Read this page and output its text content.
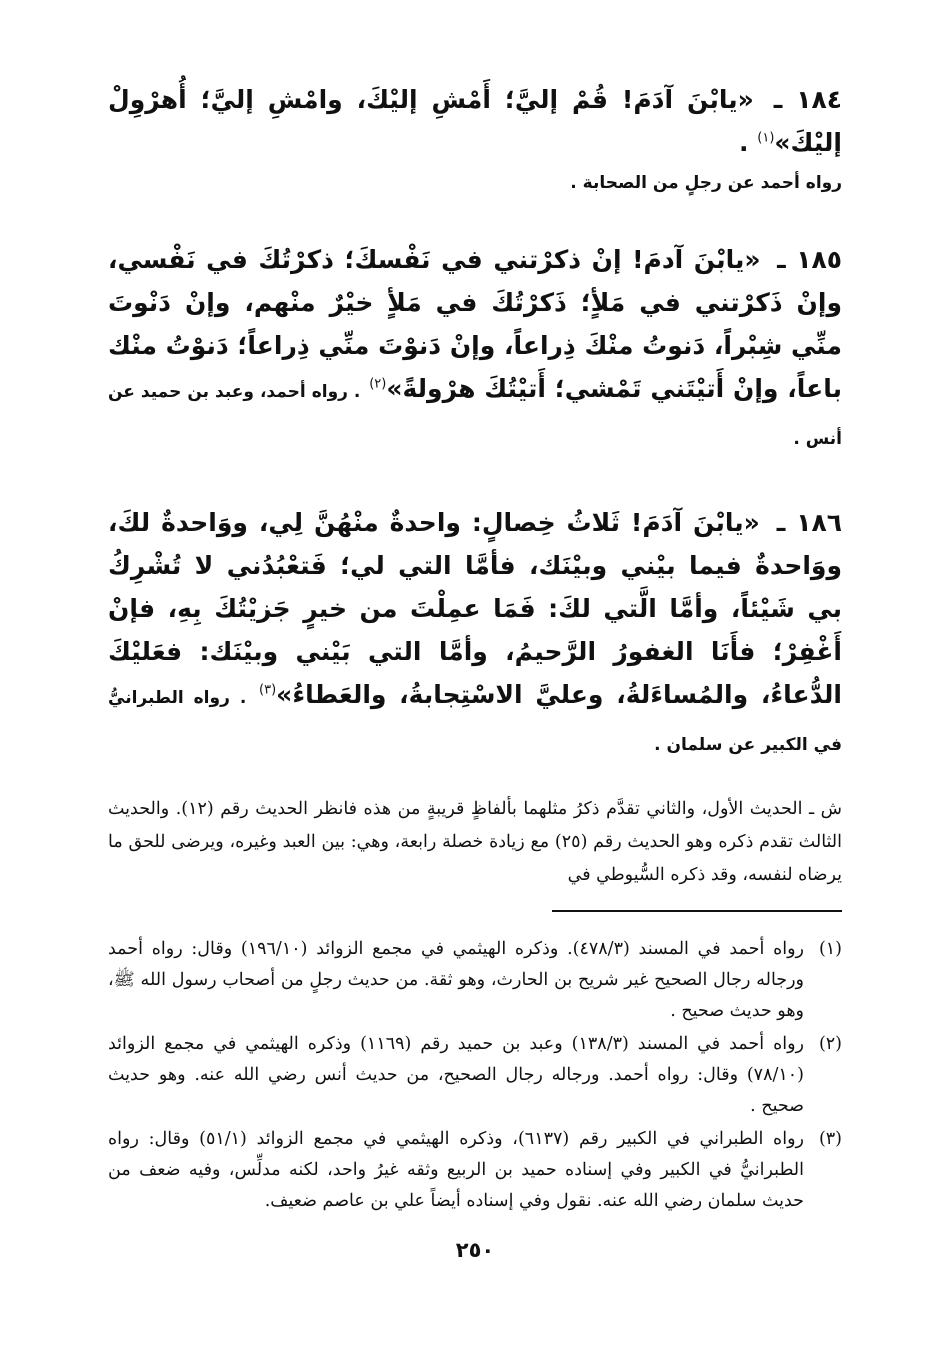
١٨٤ ـ «يابْنَ آدَمَ! قُمْ إليَّ؛ أَمْشِ إليْكَ، وامْشِ إليَّ؛ أُهرْوِلْ إليْكَ»$^{(١)}$ .

رواه أحمد عن رجلٍ من الصحابة .

١٨٥ ـ «يابْنَ آدمَ! إنْ ذكرْتني في نَفْسكَ؛ ذكرْتُكَ في نَفْسي، وإنْ ذَكرْتني في مَلأٍ؛ ذَكرْتُكَ في مَلأٍ خيْرٌ منْهم، وإنْ دَنْوتَ منِّي شِبْراً، دَنوتُ منْكَ ذِراعاً، وإنْ دَنوْتَ منِّي ذِراعاً؛ دَنوْتُ منْك باعاً، وإنْ أَتيْتَني تَمْشي؛ أَتيْتُكَ هرْولةً»$^{(٢)}$ . رواه أحمد، وعبد بن حميد عن أنس .

١٨٦ ـ «يابْنَ آدَمَ! ثَلاثُ خِصالٍ: واحدةٌ منْهُنَّ لِي، ووَاحدةٌ لكَ، ووَاحدةٌ فيما بيْني وبيْنَك، فأمَّا التي لي؛ فَتعْبُدُني لا تُشْرِكُ بي شَيْئاً، وأمَّا الَّتي لكَ: فَمَا عمِلْتَ من خيرٍ جَزيْتُكَ بِهِ، فإنْ أَغْفِرْ؛ فأَنَا الغفورُ الرَّحيمُ، وأمَّا التي بَيْني وبيْنَك: فعَليْكَ الدُّعاءُ، والمُساءَلةُ، وعليَّ الاسْتِجابةُ، والعَطاءُ»$^{(٣)}$ . رواه الطبرانيُّ في الكبير عن سلمان .

ش ـ الحديث الأول، والثاني تقدَّم ذكرُ مثلهما بألفاظٍ قريبةٍ من هذه فانظر الحديث رقم (١٢). والحديث الثالث تقدم ذكره وهو الحديث رقم (٢٥) مع زيادة خصلة رابعة، وهي: بين العبد وغيره، ويرضى للحق ما يرضاه لنفسه، وقد ذكره السُّيوطي في

(١)
رواه أحمد في المسند (٤٧٨/٣). وذكره الهيثمي في مجمع الزوائد (١٩٦/١٠) وقال: رواه أحمد ورجاله رجال الصحيح غير شريح بن الحارث، وهو ثقة. من حديث رجلٍ من أصحاب رسول الله ﷺ، وهو حديث صحيح .
(٢)
رواه أحمد في المسند (١٣٨/٣) وعبد بن حميد رقم (١١٦٩) وذكره الهيثمي في مجمع الزوائد (٧٨/١٠) وقال: رواه أحمد. ورجاله رجال الصحيح، من حديث أنس رضي الله عنه. وهو حديث صحيح .
(٣)
رواه الطبراني في الكبير رقم (٦١٣٧)، وذكره الهيثمي في مجمع الزوائد (٥١/١) وقال: رواه الطبرانيُّ في الكبير وفي إسناده حميد بن الربيع وثقه غيرُ واحد، لكنه مدلِّس، وفيه ضعف من حديث سلمان رضي الله عنه. نقول وفي إسناده أيضاً علي بن عاصم ضعيف.
٢٥٠
